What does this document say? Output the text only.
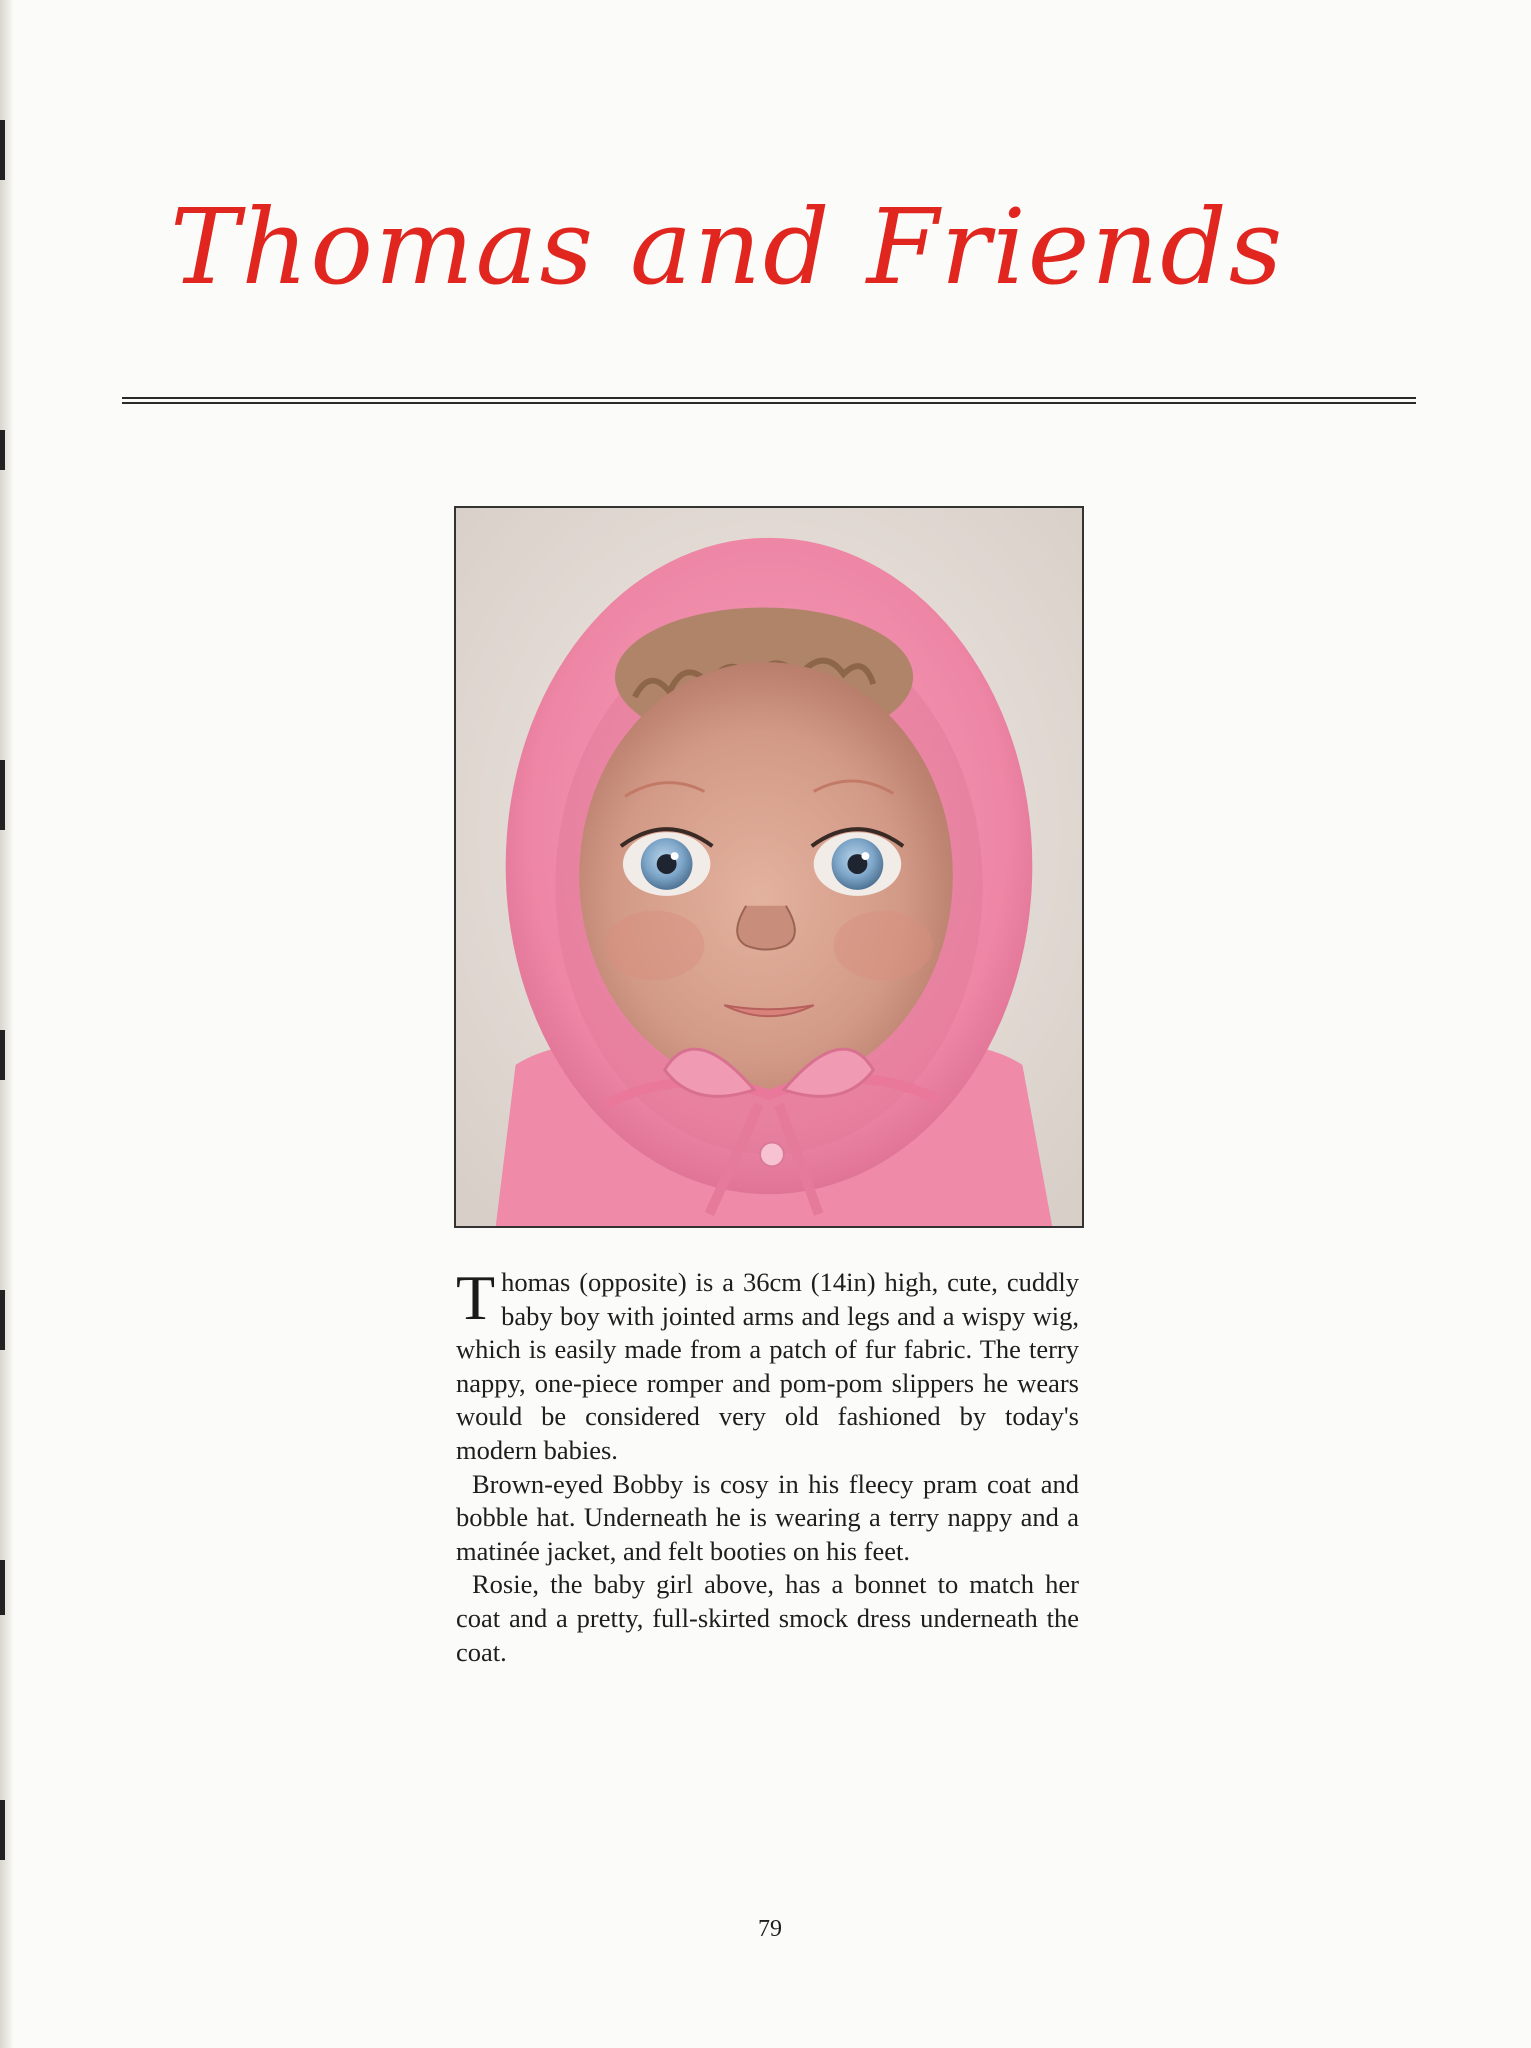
Thomas and Friends

Thomas (opposite) is a 36cm (14in) high, cute, cuddly baby boy with jointed arms and legs and a wispy wig, which is easily made from a patch of fur fabric. The terry nappy, one-piece romper and pom-pom slippers he wears would be considered very old fashioned by today's modern babies.

Brown-eyed Bobby is cosy in his fleecy pram coat and bobble hat. Underneath he is wearing a terry nappy and a matinée jacket, and felt booties on his feet.

Rosie, the baby girl above, has a bonnet to match her coat and a pretty, full-skirted smock dress underneath the coat.

79
